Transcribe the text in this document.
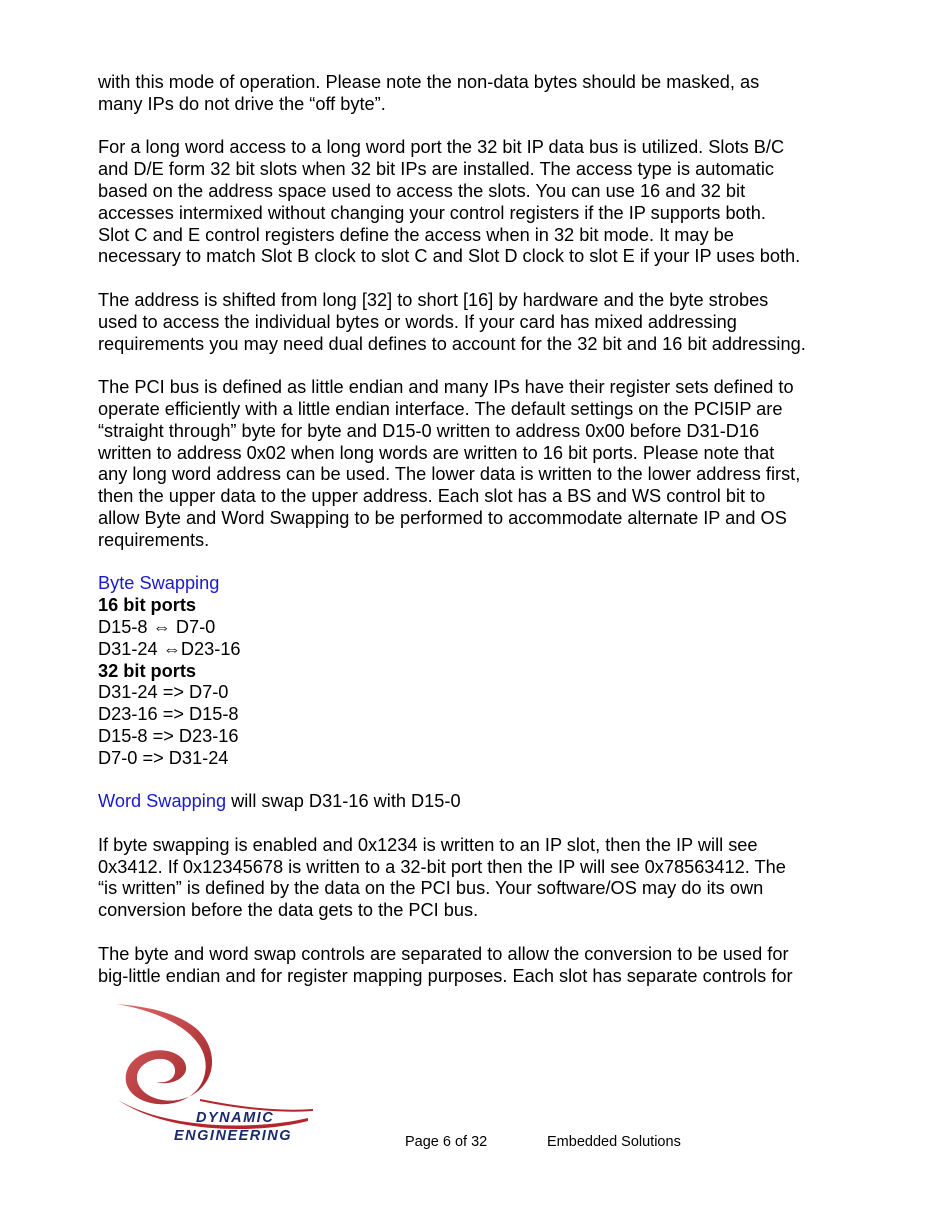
with this mode of operation. Please note the non-data bytes should be masked, as
many IPs do not drive the “off byte”.

For a long word access to a long word port the 32 bit IP data bus is utilized. Slots B/C
and D/E form 32 bit slots when 32 bit IPs are installed. The access type is automatic
based on the address space used to access the slots. You can use 16 and 32 bit
accesses intermixed without changing your control registers if the IP supports both.
Slot C and E control registers define the access when in 32 bit mode. It may be
necessary to match Slot B clock to slot C and Slot D clock to slot E if your IP uses both.

The address is shifted from long [32] to short [16] by hardware and the byte strobes
used to access the individual bytes or words. If your card has mixed addressing
requirements you may need dual defines to account for the 32 bit and 16 bit addressing.

The PCI bus is defined as little endian and many IPs have their register sets defined to
operate efficiently with a little endian interface. The default settings on the PCI5IP are
“straight through” byte for byte and D15-0 written to address 0x00 before D31-D16
written to address 0x02 when long words are written to 16 bit ports. Please note that
any long word address can be used. The lower data is written to the lower address first,
then the upper data to the upper address. Each slot has a BS and WS control bit to
allow Byte and Word Swapping to be performed to accommodate alternate IP and OS
requirements.

Byte Swapping
16 bit ports
D15-8 ⇔ D7-0
D31-24 ⇔D23-16
32 bit ports
D31-24 => D7-0
D23-16 => D15-8
D15-8 => D23-16
D7-0 => D31-24

Word Swapping will swap D31-16 with D15-0

If byte swapping is enabled and 0x1234 is written to an IP slot, then the IP will see
0x3412. If 0x12345678 is written to a 32-bit port then the IP will see 0x78563412. The
“is written” is defined by the data on the PCI bus. Your software/OS may do its own
conversion before the data gets to the PCI bus.

The byte and word swap controls are separated to allow the conversion to be used for
big-little endian and for register mapping purposes. Each slot has separate controls for

DYNAMIC
ENGINEERING	Page 6 of 32	Embedded Solutions
